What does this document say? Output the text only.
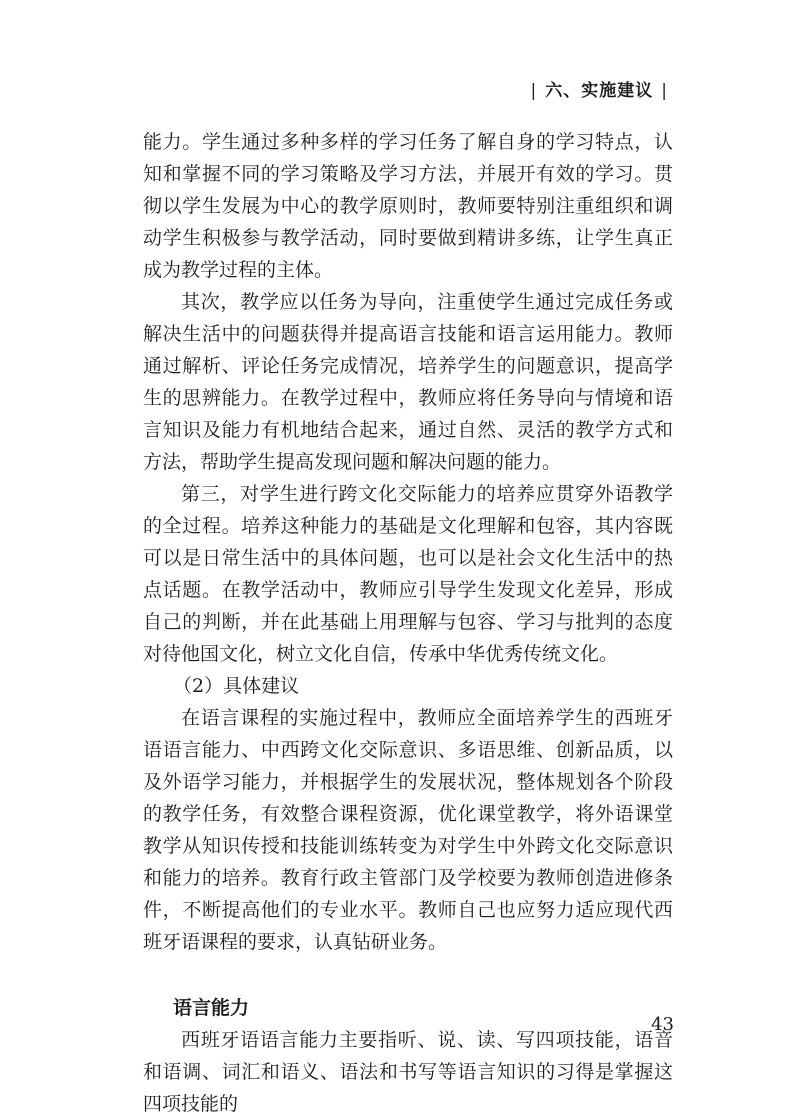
| 六、实施建议 |

能力。学生通过多种多样的学习任务了解自身的学习特点，认知和掌握不同的学习策略及学习方法，并展开有效的学习。贯彻以学生发展为中心的教学原则时，教师要特别注重组织和调动学生积极参与教学活动，同时要做到精讲多练，让学生真正成为教学过程的主体。

其次，教学应以任务为导向，注重使学生通过完成任务或解决生活中的问题获得并提高语言技能和语言运用能力。教师通过解析、评论任务完成情况，培养学生的问题意识，提高学生的思辨能力。在教学过程中，教师应将任务导向与情境和语言知识及能力有机地结合起来，通过自然、灵活的教学方式和方法，帮助学生提高发现问题和解决问题的能力。

第三，对学生进行跨文化交际能力的培养应贯穿外语教学的全过程。培养这种能力的基础是文化理解和包容，其内容既可以是日常生活中的具体问题，也可以是社会文化生活中的热点话题。在教学活动中，教师应引导学生发现文化差异，形成自己的判断，并在此基础上用理解与包容、学习与批判的态度对待他国文化，树立文化自信，传承中华优秀传统文化。

（2）具体建议

在语言课程的实施过程中，教师应全面培养学生的西班牙语语言能力、中西跨文化交际意识、多语思维、创新品质，以及外语学习能力，并根据学生的发展状况，整体规划各个阶段的教学任务，有效整合课程资源，优化课堂教学，将外语课堂教学从知识传授和技能训练转变为对学生中外跨文化交际意识和能力的培养。教育行政主管部门及学校要为教师创造进修条件，不断提高他们的专业水平。教师自己也应努力适应现代西班牙语课程的要求，认真钻研业务。

语言能力

西班牙语语言能力主要指听、说、读、写四项技能，语音和语调、词汇和语义、语法和书写等语言知识的习得是掌握这四项技能的

43
